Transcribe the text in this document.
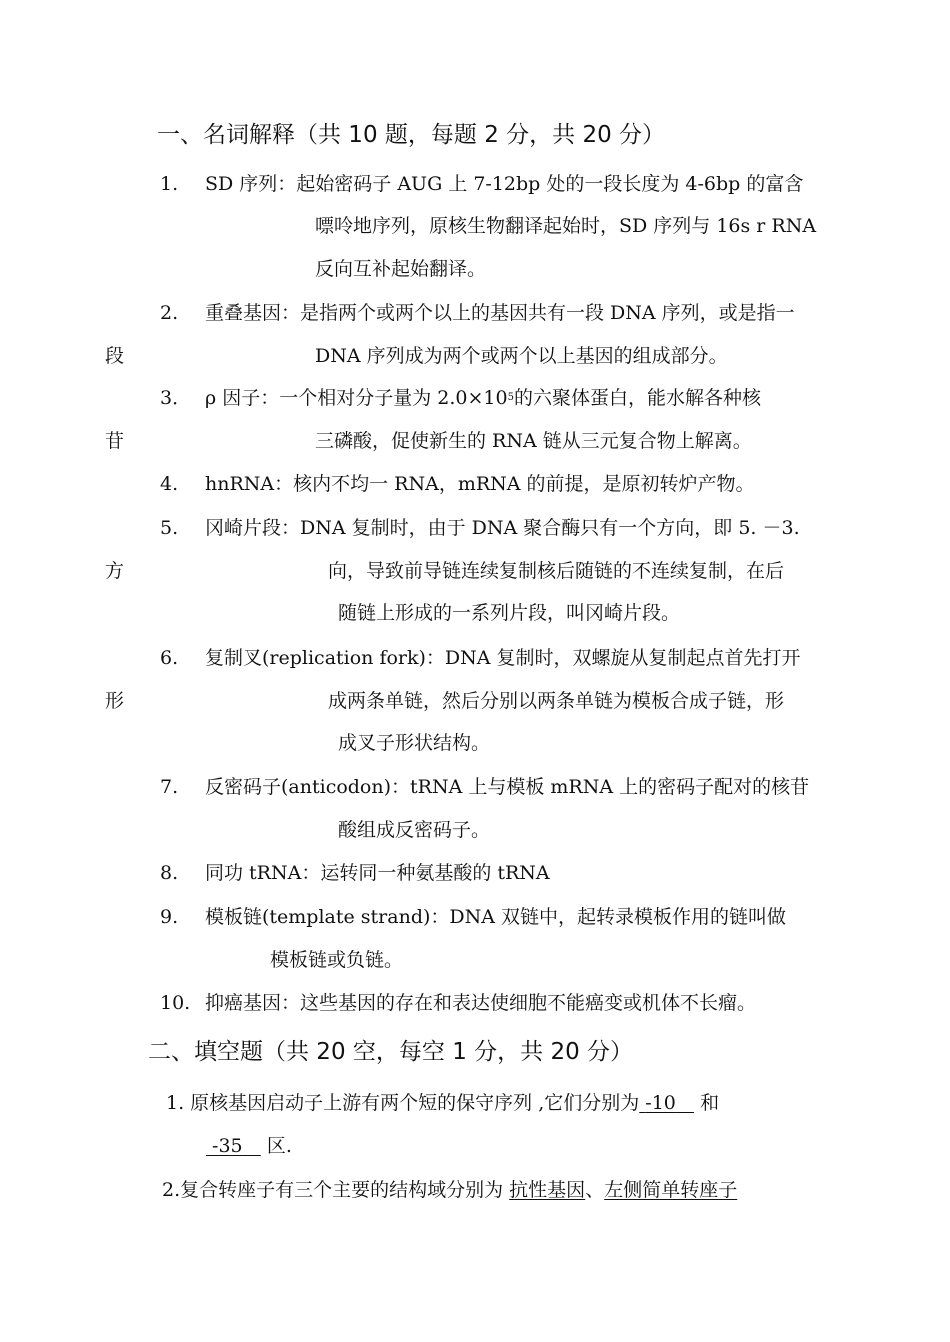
一、名词解释（共 10 题，每题 2 分，共 20 分）
1. SD 序列：起始密码子 AUG 上 7-12bp 处的一段长度为 4-6bp 的富含
嘌呤地序列，原核生物翻译起始时，SD 序列与 16s r RNA
反向互补起始翻译。
2. 重叠基因：是指两个或两个以上的基因共有一段 DNA 序列，或是指一
段	DNA 序列成为两个或两个以上基因的组成部分。
3． ρ 因子：一个相对分子量为 $2.0\times 10^5$的六聚体蛋白，能水解各种核
苷	三磷酸，促使新生的 RNA 链从三元复合物上解离。
4. hnRNA：核内不均一 RNA，mRNA 的前提，是原初转炉产物。
5. 冈崎片段：DNA 复制时，由于 DNA 聚合酶只有一个方向，即 5. －3.
方	向，导致前导链连续复制核后随链的不连续复制，在后
随链上形成的一系列片段，叫冈崎片段。
6. 复制叉(replication fork)：DNA 复制时，双螺旋从复制起点首先打开
形	成两条单链，然后分别以两条单链为模板合成子链，形
成叉子形状结构。
7. 反密码子(anticodon)：tRNA 上与模板 mRNA 上的密码子配对的核苷
酸组成反密码子。
8. 同功 tRNA：运转同一种氨基酸的 tRNA
9. 模板链(template strand)：DNA 双链中，起转录模板作用的链叫做
模板链或负链。
10. 抑癌基因：这些基因的存在和表达使细胞不能癌变或机体不长瘤。
二、填空题（共 20 空，每空 1 分，共 20 分）
1. 原核基因启动子上游有两个短的保守序列 ,它们分别为 -10 和
-35 区.
2.复合转座子有三个主要的结构域分别为 抗性基因、左侧简单转座子
